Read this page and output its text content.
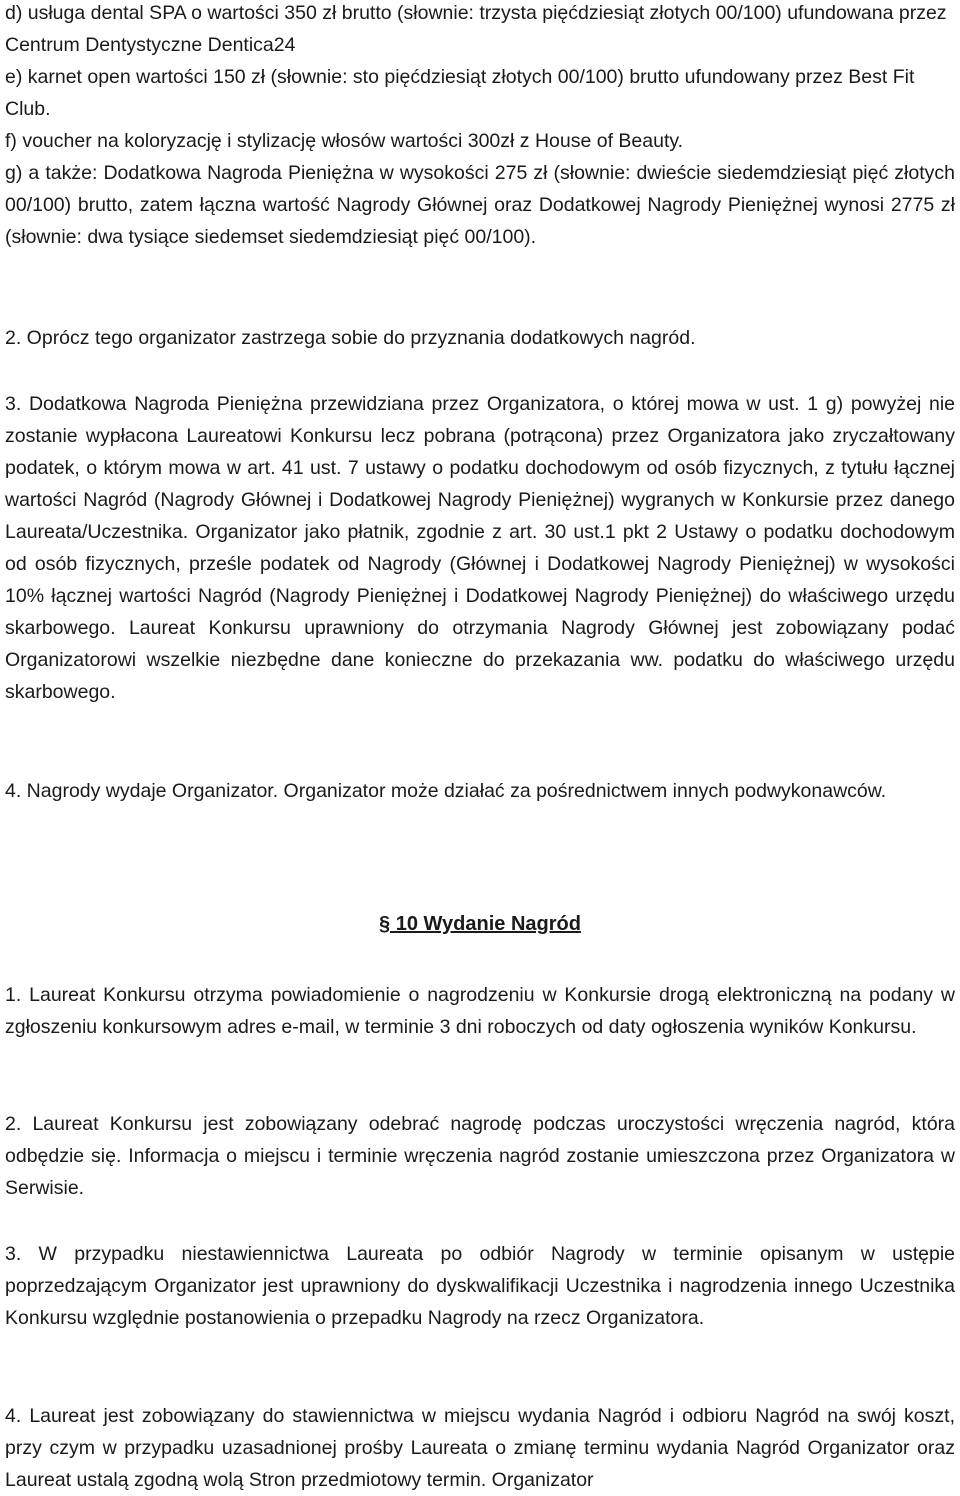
d) usługa dental SPA o wartości 350 zł brutto (słownie: trzysta pięćdziesiąt złotych 00/100) ufundowana przez Centrum Dentystyczne Dentica24

e) karnet open wartości 150 zł (słownie: sto pięćdziesiąt złotych 00/100) brutto ufundowany przez Best Fit Club.

f) voucher na koloryzację i stylizację włosów wartości 300zł z House of Beauty.

g) a także: Dodatkowa Nagroda Pieniężna w wysokości 275 zł (słownie: dwieście siedemdziesiąt pięć złotych 00/100) brutto, zatem łączna wartość Nagrody Głównej oraz Dodatkowej Nagrody Pieniężnej wynosi 2775 zł (słownie: dwa tysiące siedemset siedemdziesiąt pięć 00/100).

2. Oprócz tego organizator zastrzega sobie do przyznania dodatkowych nagród.

3. Dodatkowa Nagroda Pieniężna przewidziana przez Organizatora, o której mowa w ust. 1 g) powyżej nie zostanie wypłacona Laureatowi Konkursu lecz pobrana (potrącona) przez Organizatora jako zryczałtowany podatek, o którym mowa w art. 41 ust. 7 ustawy o podatku dochodowym od osób fizycznych, z tytułu łącznej wartości Nagród (Nagrody Głównej i Dodatkowej Nagrody Pieniężnej) wygranych w Konkursie przez danego Laureata/Uczestnika. Organizator jako płatnik, zgodnie z art. 30 ust.1 pkt 2 Ustawy o podatku dochodowym od osób fizycznych, prześle podatek od Nagrody (Głównej i Dodatkowej Nagrody Pieniężnej) w wysokości 10% łącznej wartości Nagród (Nagrody Pieniężnej i Dodatkowej Nagrody Pieniężnej) do właściwego urzędu skarbowego. Laureat Konkursu uprawniony do otrzymania Nagrody Głównej jest zobowiązany podać Organizatorowi wszelkie niezbędne dane konieczne do przekazania ww. podatku do właściwego urzędu skarbowego.

4. Nagrody wydaje Organizator. Organizator może działać za pośrednictwem innych podwykonawców.

§ 10 Wydanie Nagród

1. Laureat Konkursu otrzyma powiadomienie o nagrodzeniu w Konkursie drogą elektroniczną na podany w zgłoszeniu konkursowym adres e-mail, w terminie 3 dni roboczych od daty ogłoszenia wyników Konkursu.

2. Laureat Konkursu jest zobowiązany odebrać nagrodę podczas uroczystości wręczenia nagród, która odbędzie się. Informacja o miejscu i terminie wręczenia nagród zostanie umieszczona przez Organizatora w Serwisie.

3. W przypadku niestawiennictwa Laureata po odbiór Nagrody w terminie opisanym w ustępie poprzedzającym Organizator jest uprawniony do dyskwalifikacji Uczestnika i nagrodzenia innego Uczestnika Konkursu względnie postanowienia o przepadku Nagrody na rzecz Organizatora.

4. Laureat jest zobowiązany do stawiennictwa w miejscu wydania Nagród i odbioru Nagród na swój koszt, przy czym w przypadku uzasadnionej prośby Laureata o zmianę terminu wydania Nagród Organizator oraz Laureat ustalą zgodną wolą Stron przedmiotowy termin. Organizator
